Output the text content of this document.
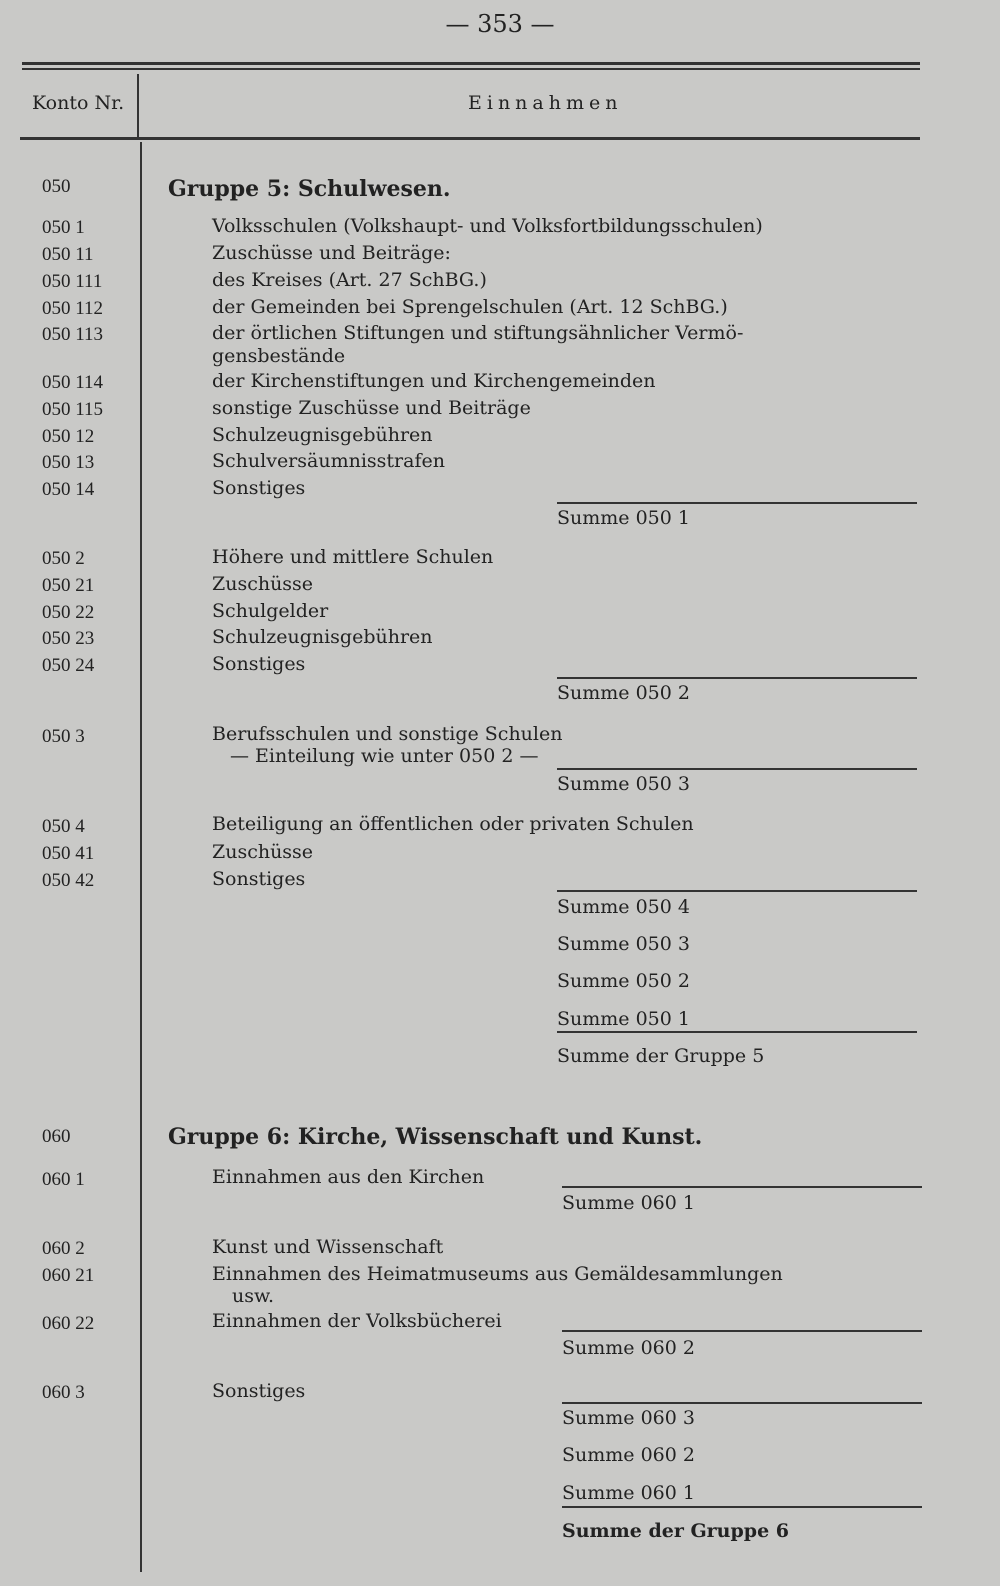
— 353 —
Konto Nr.	Einnahmen
050	Gruppe 5: Schulwesen.
050 1	Volksschulen (Volkshaupt- und Volksfortbildungsschulen)
050 11	Zuschüsse und Beiträge:
050 111	des Kreises (Art. 27 SchBG.)
050 112	der Gemeinden bei Sprengelschulen (Art. 12 SchBG.)
050 113	der örtlichen Stiftungen und stiftungsähnlicher Vermö-
gensbestände
050 114	der Kirchenstiftungen und Kirchengemeinden
050 115	sonstige Zuschüsse und Beiträge
050 12	Schulzeugnisgebühren
050 13	Schulversäumnisstrafen
050 14	Sonstiges
Summe 050 1
050 2	Höhere und mittlere Schulen
050 21	Zuschüsse
050 22	Schulgelder
050 23	Schulzeugnisgebühren
050 24	Sonstiges
Summe 050 2
050 3	Berufsschulen und sonstige Schulen
— Einteilung wie unter 050 2 —
Summe 050 3
050 4	Beteiligung an öffentlichen oder privaten Schulen
050 41	Zuschüsse
050 42	Sonstiges
Summe 050 4
Summe 050 3
Summe 050 2
Summe 050 1
Summe der Gruppe 5
060	Gruppe 6: Kirche, Wissenschaft und Kunst.
060 1	Einnahmen aus den Kirchen
Summe 060 1
060 2	Kunst und Wissenschaft
060 21	Einnahmen des Heimatmuseums aus Gemäldesammlungen
usw.
060 22	Einnahmen der Volksbücherei
Summe 060 2
060 3	Sonstiges
Summe 060 3
Summe 060 2
Summe 060 1
Summe der Gruppe 6
